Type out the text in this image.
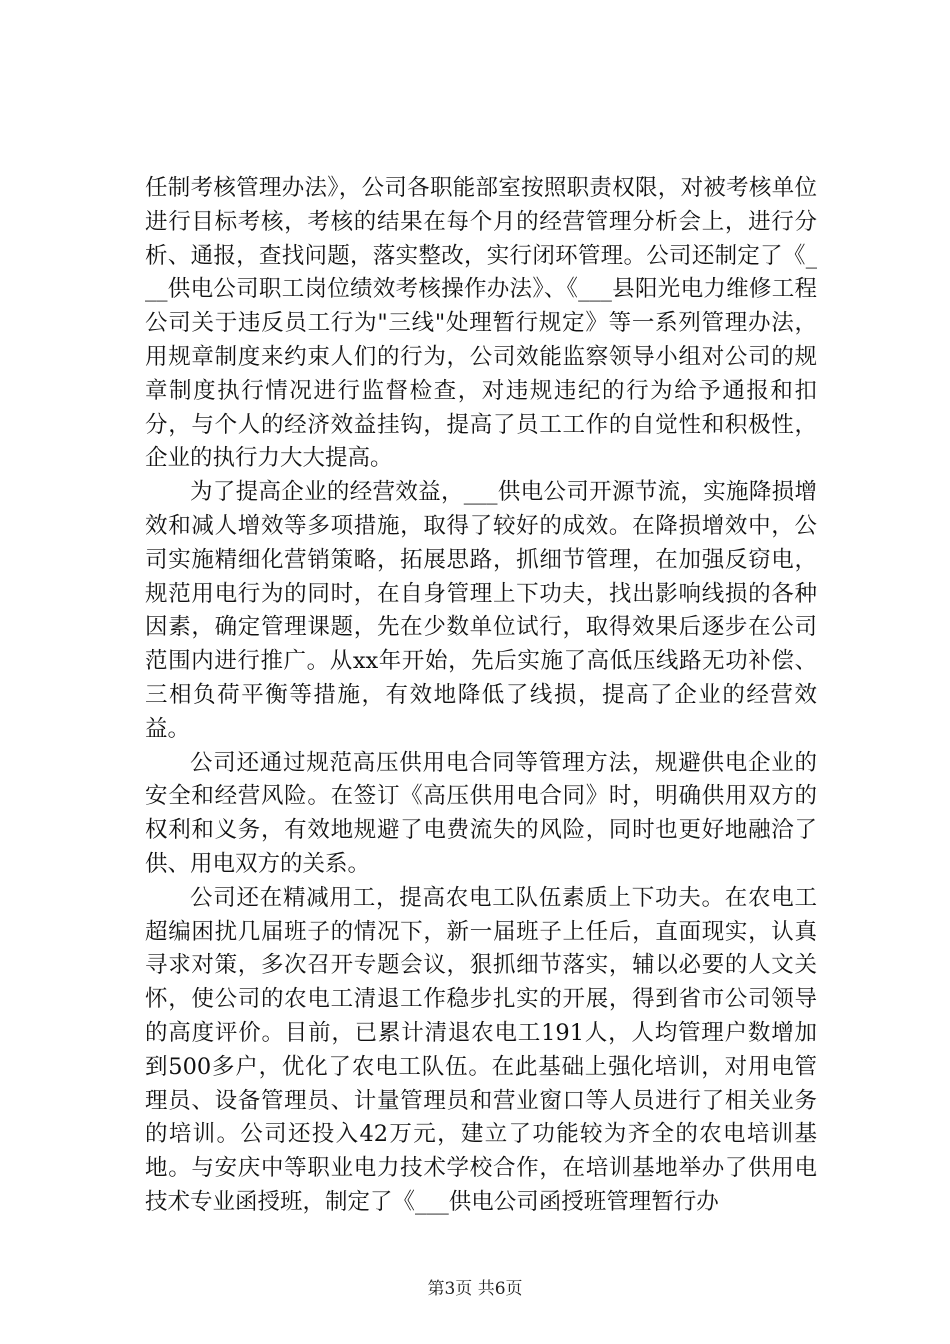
任制考核管理办法》，公司各职能部室按照职责权限，对被考核单位进行目标考核，考核的结果在每个月的经营管理分析会上，进行分析、通报，查找问题，落实整改，实行闭环管理。公司还制定了《___供电公司职工岗位绩效考核操作办法》、《___县阳光电力维修工程公司关于违反员工行为"三线"处理暂行规定》等一系列管理办法，用规章制度来约束人们的行为，公司效能监察领导小组对公司的规章制度执行情况进行监督检查，对违规违纪的行为给予通报和扣分，与个人的经济效益挂钩，提高了员工工作的自觉性和积极性，企业的执行力大大提高。

为了提高企业的经营效益，___供电公司开源节流，实施降损增效和减人增效等多项措施，取得了较好的成效。在降损增效中，公司实施精细化营销策略，拓展思路，抓细节管理，在加强反窃电，规范用电行为的同时，在自身管理上下功夫，找出影响线损的各种因素，确定管理课题，先在少数单位试行，取得效果后逐步在公司范围内进行推广。从xx年开始，先后实施了高低压线路无功补偿、三相负荷平衡等措施，有效地降低了线损，提高了企业的经营效益。

公司还通过规范高压供用电合同等管理方法，规避供电企业的安全和经营风险。在签订《高压供用电合同》时，明确供用双方的权利和义务，有效地规避了电费流失的风险，同时也更好地融洽了供、用电双方的关系。

公司还在精减用工，提高农电工队伍素质上下功夫。在农电工超编困扰几届班子的情况下，新一届班子上任后，直面现实，认真寻求对策，多次召开专题会议，狠抓细节落实，辅以必要的人文关怀，使公司的农电工清退工作稳步扎实的开展，得到省市公司领导的高度评价。目前，已累计清退农电工191人，人均管理户数增加到500多户，优化了农电工队伍。在此基础上强化培训，对用电管理员、设备管理员、计量管理员和营业窗口等人员进行了相关业务的培训。公司还投入42万元，建立了功能较为齐全的农电培训基地。与安庆中等职业电力技术学校合作，在培训基地举办了供用电技术专业函授班，制定了《___供电公司函授班管理暂行办

第3页 共6页
